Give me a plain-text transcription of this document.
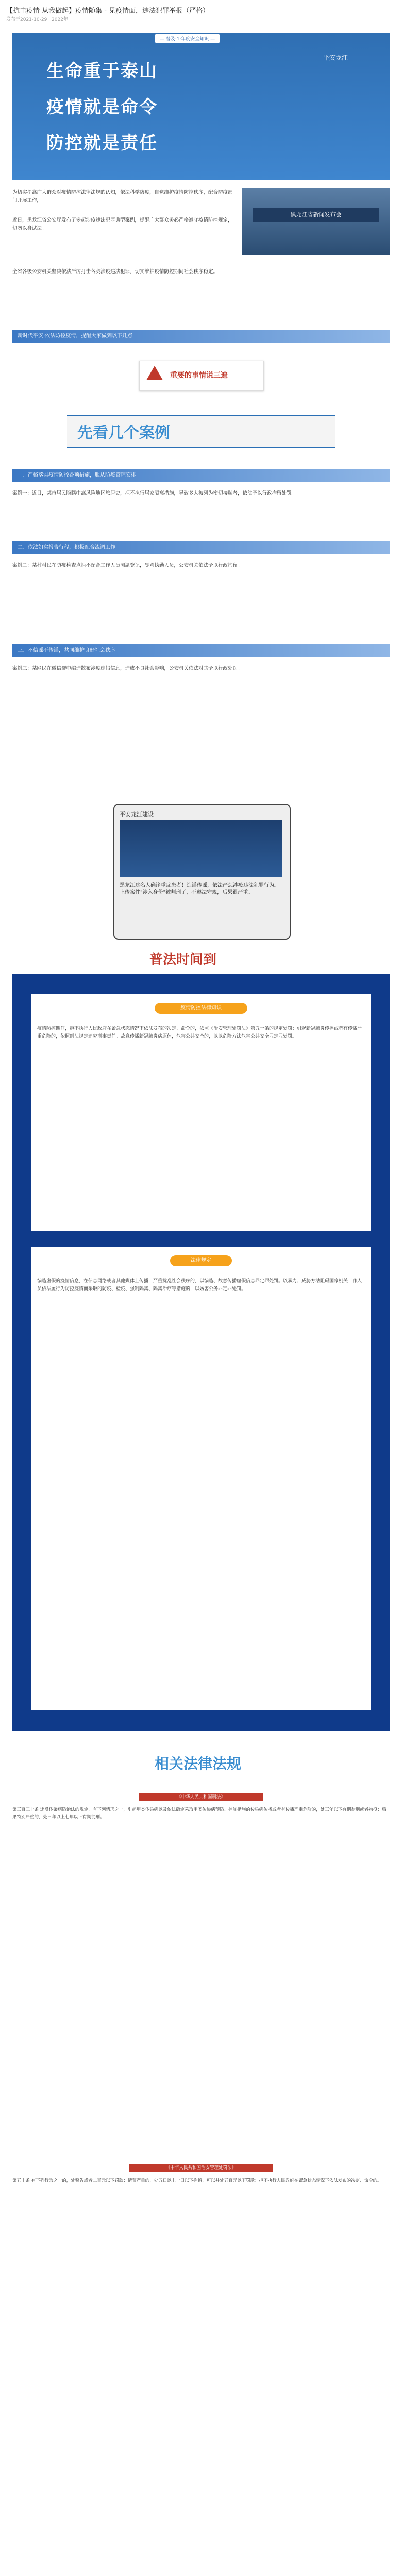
【抗击疫情 从我做起】疫情随集 - 见疫情面，违法犯罪举报（严格）
发布于2021-10-29 | 2022年
— 普及·1·年度安全知识 —
生命重于泰山
疫情就是命令
防控就是责任
平安龙江
为切实提高广大群众对疫情防控法律法规的认知，依法科学防疫，自觉维护疫情防控秩序，配合防疫部门开展工作，
黑龙江省新闻发布会
近日，黑龙江省公安厅发布了多起涉疫违法犯罪典型案例，提醒广大群众务必严格遵守疫情防控规定，切勿以身试法。
全省各级公安机关坚决依法严厉打击各类涉疫违法犯罪，切实维护疫情防控期间社会秩序稳定。
新时代平安·依法防控疫情，提醒大家做到以下几点
重要的事情说三遍
先看几个案例
一、严格落实疫情防控各项措施，服从防疫管理安排
案例一：近日，某市居民隐瞒中高风险地区旅居史，拒不执行居家隔离措施，导致多人被列为密切接触者，依法予以行政拘留处罚。
二、依法如实报告行程，积极配合流调工作
案例二：某村村民在防疫检查点拒不配合工作人员测温登记，辱骂执勤人员，公安机关依法予以行政拘留。
三、不信谣不传谣，共同维护良好社会秩序
案例三：某网民在微信群中编造散布涉疫虚假信息，造成不良社会影响，公安机关依法对其予以行政处罚。
平安龙江建设
黑龙江这名人确诊重症患者！造谣传谣，依法严惩涉疫违法犯罪行为。上传案件"涉入身份"被判刑了，不遵法守规，后果很严重。
普法时间到
疫情防控法律知识
疫情防控期间，拒不执行人民政府在紧急状态情况下依法发布的决定、命令的，依照《治安管理处罚法》第五十条的规定处罚；引起新冠肺炎传播或者有传播严重危险的，依照刑法规定追究刑事责任。故意传播新冠肺炎病原体，危害公共安全的，以以危险方法危害公共安全罪定罪处罚。
法律规定
编造虚假的疫情信息，在信息网络或者其他媒体上传播，严重扰乱社会秩序的，以编造、故意传播虚假信息罪定罪处罚。以暴力、威胁方法阻碍国家机关工作人员依法履行为防控疫情而采取的防疫、检疫、强制隔离、隔离治疗等措施的，以妨害公务罪定罪处罚。
相关法律法规
《中华人民共和国刑法》
第三百三十条 违反传染病防治法的规定，有下列情形之一，引起甲类传染病以及依法确定采取甲类传染病预防、控制措施的传染病传播或者有传播严重危险的，处三年以下有期徒刑或者拘役；后果特别严重的，处三年以上七年以下有期徒刑。
《中华人民共和国治安管理处罚法》
第五十条 有下列行为之一的，处警告或者二百元以下罚款；情节严重的，处五日以上十日以下拘留，可以并处五百元以下罚款：拒不执行人民政府在紧急状态情况下依法发布的决定、命令的。
